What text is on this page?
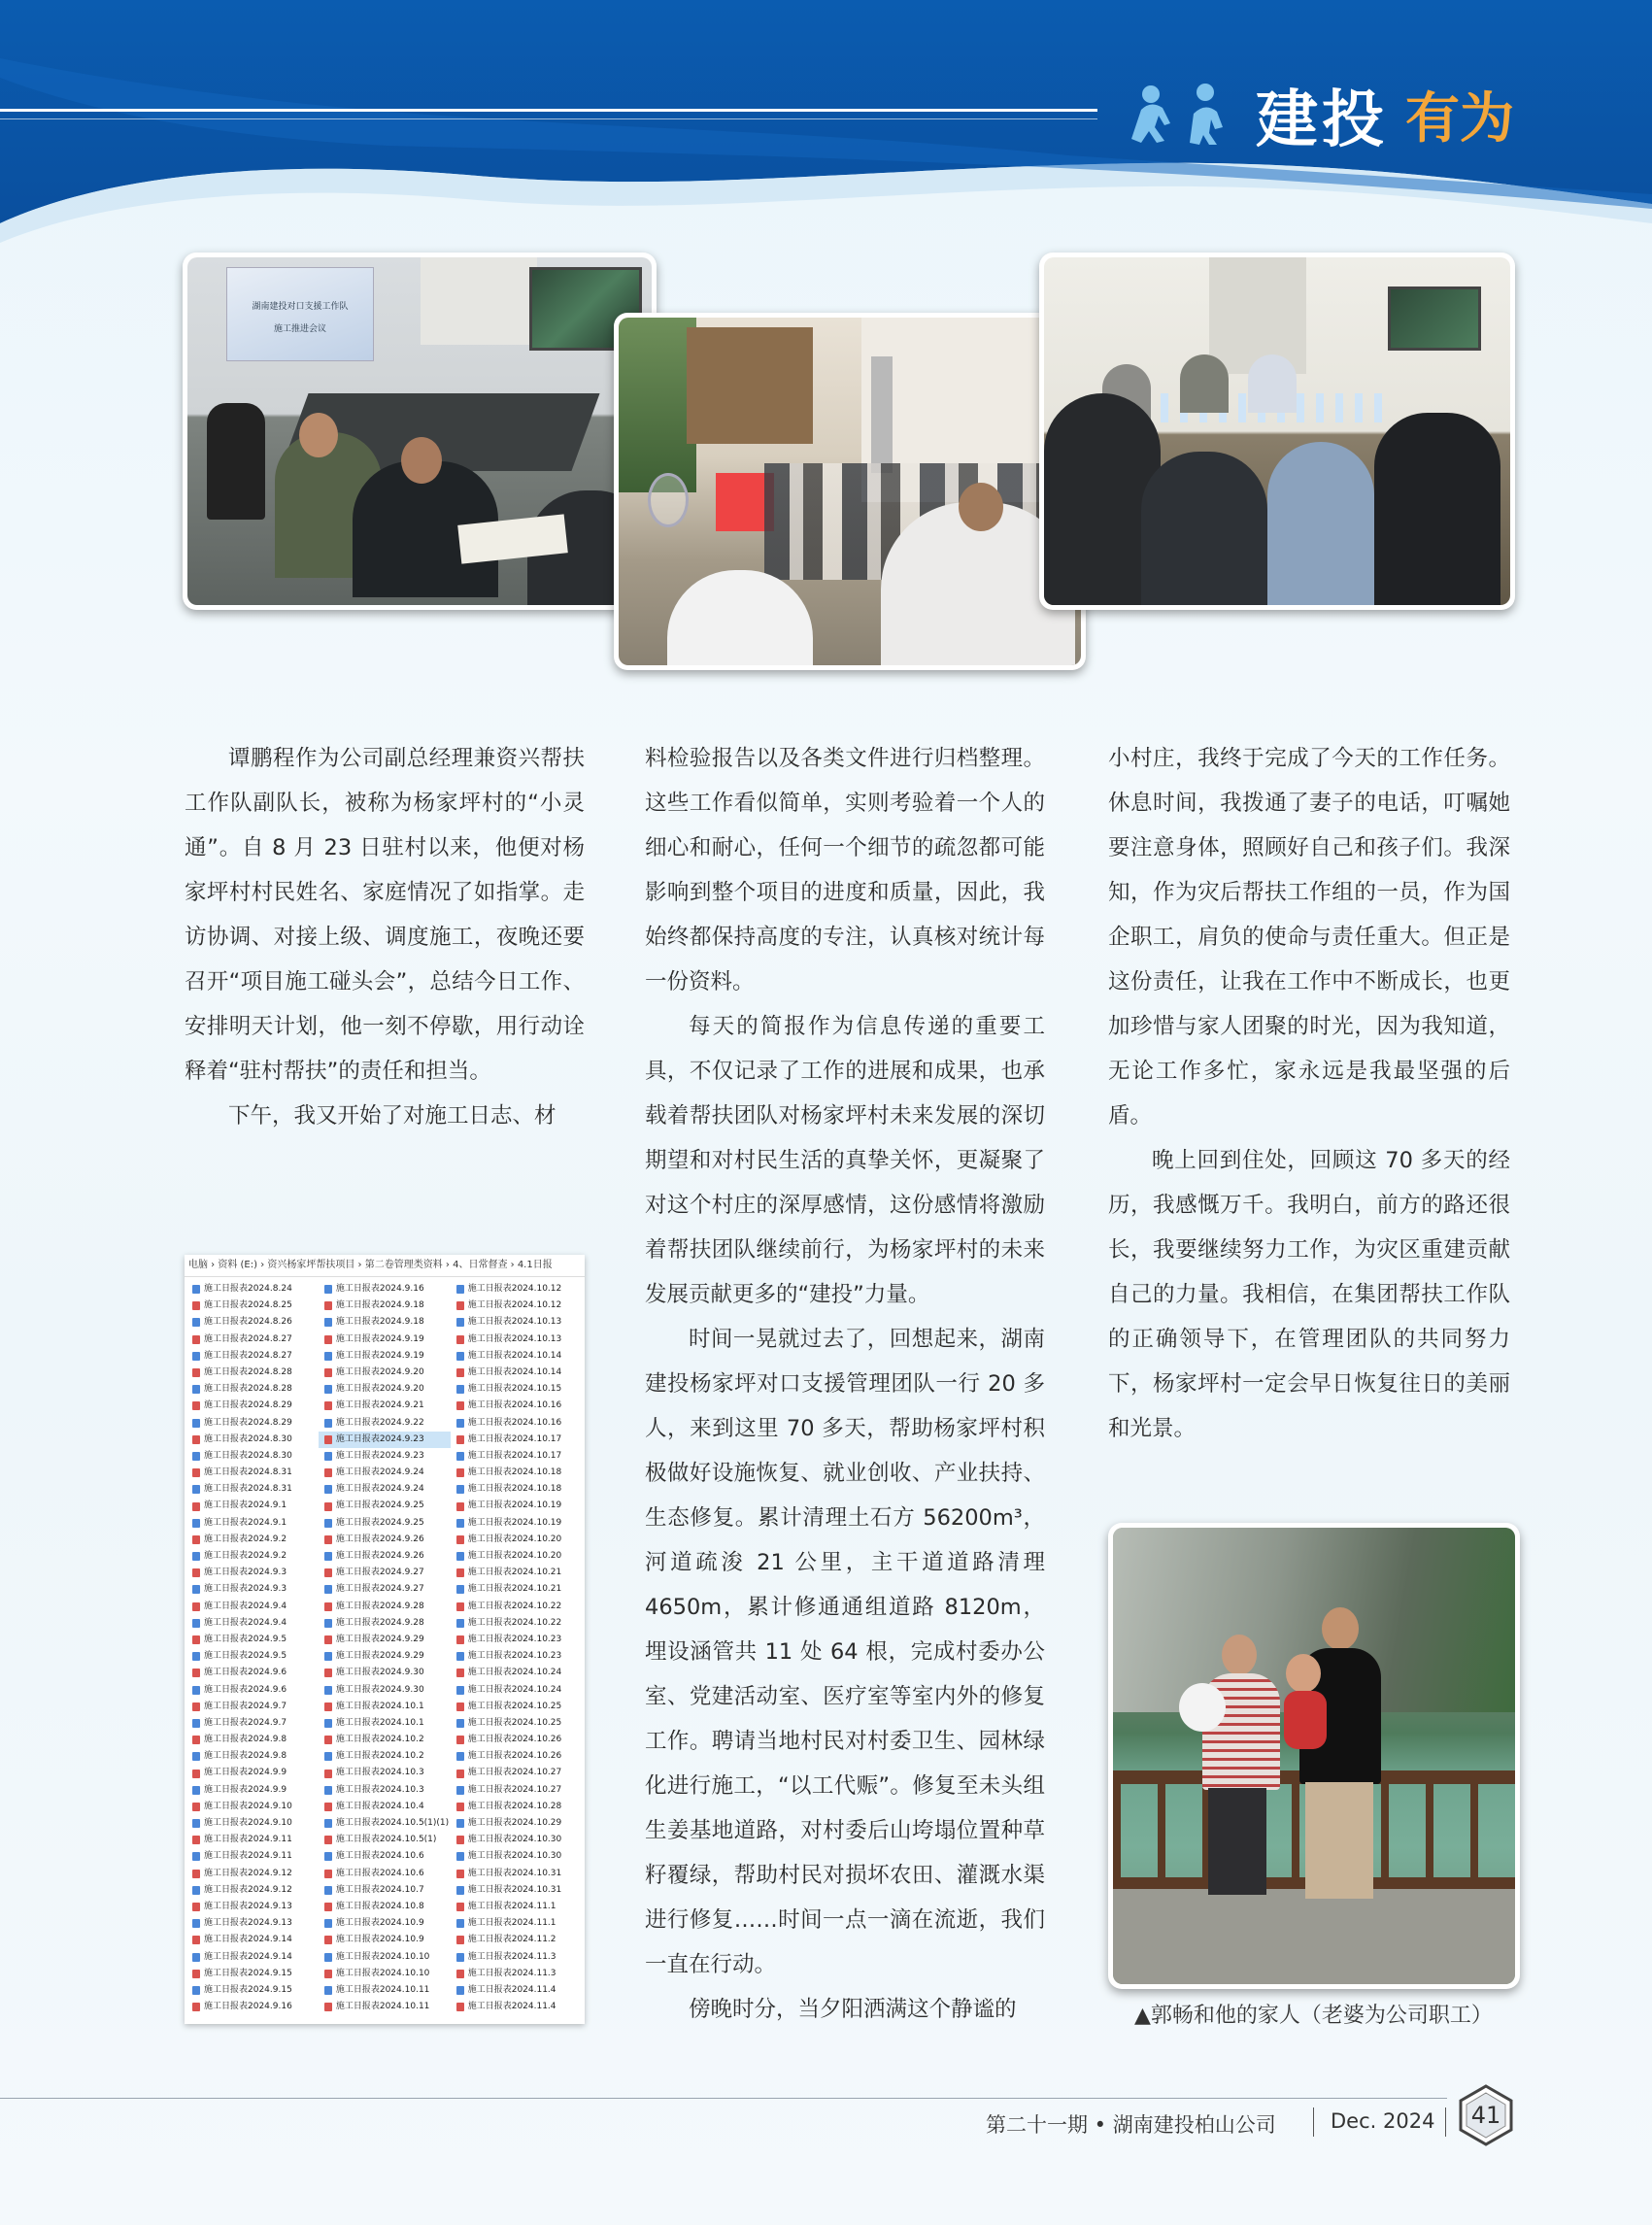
建投 有为
湖南建投对口支援工作队
施工推进会议

谭鹏程作为公司副总经理兼资兴帮扶工作队副队长，被称为杨家坪村的“小灵通”。自 8 月 23 日驻村以来，他便对杨家坪村村民姓名、家庭情况了如指掌。走访协调、对接上级、调度施工，夜晚还要召开“项目施工碰头会”，总结今日工作、安排明天计划，他一刻不停歇，用行动诠释着“驻村帮扶”的责任和担当。

下午，我又开始了对施工日志、材

料检验报告以及各类文件进行归档整理。这些工作看似简单，实则考验着一个人的细心和耐心，任何一个细节的疏忽都可能影响到整个项目的进度和质量，因此，我始终都保持高度的专注，认真核对统计每一份资料。

每天的简报作为信息传递的重要工具，不仅记录了工作的进展和成果，也承载着帮扶团队对杨家坪村未来发展的深切期望和对村民生活的真挚关怀，更凝聚了对这个村庄的深厚感情，这份感情将激励着帮扶团队继续前行，为杨家坪村的未来发展贡献更多的“建投”力量。

时间一晃就过去了，回想起来，湖南建投杨家坪对口支援管理团队一行 20 多人，来到这里 70 多天，帮助杨家坪村积极做好设施恢复、就业创收、产业扶持、生态修复。累计清理土石方 56200m³，河道疏浚 21 公里，主干道道路清理 4650m，累计修通通组道路 8120m，埋设涵管共 11 处 64 根，完成村委办公室、党建活动室、医疗室等室内外的修复工作。聘请当地村民对村委卫生、园林绿化进行施工，“以工代赈”。修复至未头组生姜基地道路，对村委后山垮塌位置种草籽覆绿，帮助村民对损坏农田、灌溉水渠进行修复……时间一点一滴在流逝，我们一直在行动。

傍晚时分，当夕阳洒满这个静谧的

小村庄，我终于完成了今天的工作任务。休息时间，我拨通了妻子的电话，叮嘱她要注意身体，照顾好自己和孩子们。我深知，作为灾后帮扶工作组的一员，作为国企职工，肩负的使命与责任重大。但正是这份责任，让我在工作中不断成长，也更加珍惜与家人团聚的时光，因为我知道，无论工作多忙，家永远是我最坚强的后盾。

晚上回到住处，回顾这 70 多天的经历，我感慨万千。我明白，前方的路还很长，我要继续努力工作，为灾区重建贡献自己的力量。我相信，在集团帮扶工作队的正确领导下，在管理团队的共同努力下，杨家坪村一定会早日恢复往日的美丽和光景。

电脑 › 资料 (E:) › 资兴杨家坪帮扶项目 › 第二卷管理类资料 › 4、日常督查 › 4.1日报
施工日报表2024.8.24
施工日报表2024.8.25
施工日报表2024.8.26
施工日报表2024.8.27
施工日报表2024.8.27
施工日报表2024.8.28
施工日报表2024.8.28
施工日报表2024.8.29
施工日报表2024.8.29
施工日报表2024.8.30
施工日报表2024.8.30
施工日报表2024.8.31
施工日报表2024.8.31
施工日报表2024.9.1
施工日报表2024.9.1
施工日报表2024.9.2
施工日报表2024.9.2
施工日报表2024.9.3
施工日报表2024.9.3
施工日报表2024.9.4
施工日报表2024.9.4
施工日报表2024.9.5
施工日报表2024.9.5
施工日报表2024.9.6
施工日报表2024.9.6
施工日报表2024.9.7
施工日报表2024.9.7
施工日报表2024.9.8
施工日报表2024.9.8
施工日报表2024.9.9
施工日报表2024.9.9
施工日报表2024.9.10
施工日报表2024.9.10
施工日报表2024.9.11
施工日报表2024.9.11
施工日报表2024.9.12
施工日报表2024.9.12
施工日报表2024.9.13
施工日报表2024.9.13
施工日报表2024.9.14
施工日报表2024.9.14
施工日报表2024.9.15
施工日报表2024.9.15
施工日报表2024.9.16
施工日报表2024.9.16
施工日报表2024.9.18
施工日报表2024.9.18
施工日报表2024.9.19
施工日报表2024.9.19
施工日报表2024.9.20
施工日报表2024.9.20
施工日报表2024.9.21
施工日报表2024.9.22
施工日报表2024.9.23
施工日报表2024.9.23
施工日报表2024.9.24
施工日报表2024.9.24
施工日报表2024.9.25
施工日报表2024.9.25
施工日报表2024.9.26
施工日报表2024.9.26
施工日报表2024.9.27
施工日报表2024.9.27
施工日报表2024.9.28
施工日报表2024.9.28
施工日报表2024.9.29
施工日报表2024.9.29
施工日报表2024.9.30
施工日报表2024.9.30
施工日报表2024.10.1
施工日报表2024.10.1
施工日报表2024.10.2
施工日报表2024.10.2
施工日报表2024.10.3
施工日报表2024.10.3
施工日报表2024.10.4
施工日报表2024.10.5(1)(1)
施工日报表2024.10.5(1)
施工日报表2024.10.6
施工日报表2024.10.6
施工日报表2024.10.7
施工日报表2024.10.8
施工日报表2024.10.9
施工日报表2024.10.9
施工日报表2024.10.10
施工日报表2024.10.10
施工日报表2024.10.11
施工日报表2024.10.11
施工日报表2024.10.12
施工日报表2024.10.12
施工日报表2024.10.13
施工日报表2024.10.13
施工日报表2024.10.14
施工日报表2024.10.14
施工日报表2024.10.15
施工日报表2024.10.16
施工日报表2024.10.16
施工日报表2024.10.17
施工日报表2024.10.17
施工日报表2024.10.18
施工日报表2024.10.18
施工日报表2024.10.19
施工日报表2024.10.19
施工日报表2024.10.20
施工日报表2024.10.20
施工日报表2024.10.21
施工日报表2024.10.21
施工日报表2024.10.22
施工日报表2024.10.22
施工日报表2024.10.23
施工日报表2024.10.23
施工日报表2024.10.24
施工日报表2024.10.24
施工日报表2024.10.25
施工日报表2024.10.25
施工日报表2024.10.26
施工日报表2024.10.26
施工日报表2024.10.27
施工日报表2024.10.27
施工日报表2024.10.28
施工日报表2024.10.29
施工日报表2024.10.30
施工日报表2024.10.30
施工日报表2024.10.31
施工日报表2024.10.31
施工日报表2024.11.1
施工日报表2024.11.1
施工日报表2024.11.2
施工日报表2024.11.3
施工日报表2024.11.3
施工日报表2024.11.4
施工日报表2024.11.4	▲郭畅和他的家人（老婆为公司职工）
第二十一期 • 湖南建投柏山公司	Dec. 2024	41
